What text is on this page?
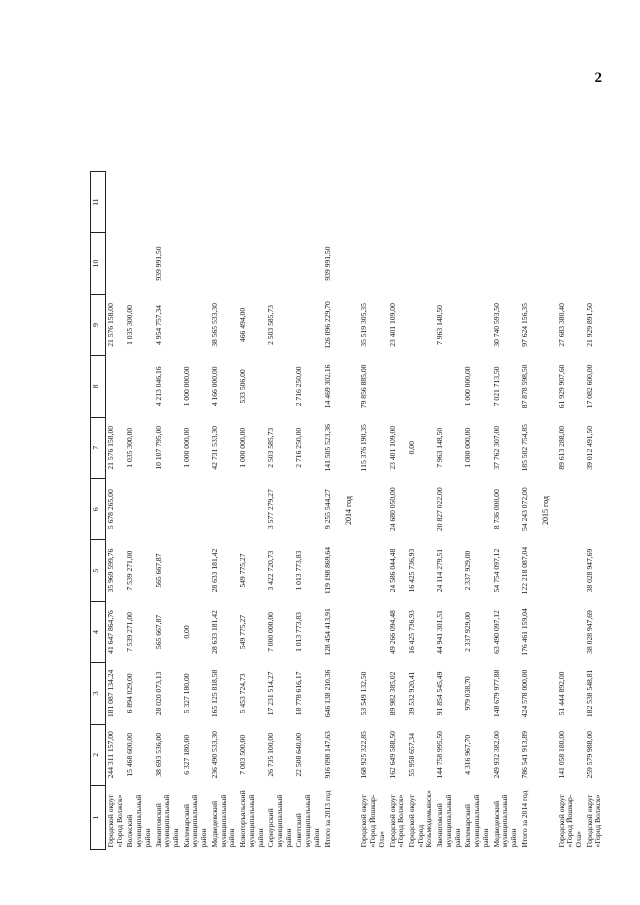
2
1	2	3	4	5	6	7	8	9	10	11	
Городской округ «Город Волжск»	244 311 157,00	181 087 134,24	41 647 864,76	35 969 599,76	5 678 265,00	21 576 158,00		21 576 158,00			
Волжский муниципальный район	15 468 600,00	6 894 029,00	7 539 271,00	7 539 271,00		1 035 300,00		1 035 300,00			
Звениговский муниципальный район	38 693 536,00	28 020 073,13	565 667,87	565 667,87		10 107 795,00	4 213 046,16	4 954 757,34	939 991,50		
Килемарский муниципальный район	6 327 180,00	5 327 180,00	0,00			1 000 000,00	1 000 000,00				
Медведевский муниципальный район	236 490 533,30	165 125 818,58	28 633 181,42	28 633 181,42		42 731 533,30	4 166 000,00	38 565 533,30			
Новоторъяльский муниципальный район	7 003 500,00	5 453 724,73	549 775,27	549 775,27		1 000 000,00	533 506,00	466 494,00			
Сернурский муниципальный район	26 735 100,00	17 231 514,27	7 000 000,00	3 422 720,73	3 577 279,27	2 503 585,73		2 503 585,73			
Советский муниципальный район	22 508 640,00	18 778 616,17	1 013 773,83	1 013 773,83		2 716 250,00	2 716 250,00				
Итого за 2013 год	916 098 147,63	646 138 210,36	128 454 413,91	119 198 869,64	9 255 544,27	141 505 523,36	14 469 302,16	126 096 229,70	939 991,50		
2014 год											
Городской округ «Город Йошкар-Ола»	168 925 322,85	53 549 132,50				115 376 190,35	79 856 885,00	35 519 305,35			
Городской округ «Город Волжск»	162 649 588,50	89 982 385,02	49 266 094,48	24 586 044,48	24 680 050,00	23 401 109,00		23 401 109,00			
Городской округ «Город Козьмодемьянск»	55 958 657,34	39 532 920,41	16 425 736,93	16 425 736,93		0,00					
Звениговский муниципальный район	144 758 995,50	91 854 545,49	44 941 301,51	24 114 279,51	20 827 022,00	7 963 148,50		7 963 148,50			
Килемарский муниципальный район	4 316 967,70	979 038,70	2 337 929,00	2 337 929,00		1 000 000,00	1 000 000,00				
Медведевский муниципальный район	249 932 382,00	148 679 977,88	63 490 097,12	54 754 097,12	8 736 000,00	37 762 307,00	7 021 713,50	30 740 593,50			
Итого за 2014 год	786 541 913,89	424 578 000,00	176 461 159,04	122 218 087,04	54 243 072,00	185 502 754,85	87 878 598,50	97 624 156,35			
2015 год											
Городской округ «Город Йошкар-Ола»	141 058 180,00	51 444 892,00				89 613 288,00	61 929 907,60	27 683 380,40			
Городской округ «Город Волжск»	259 579 988,00	182 538 548,81	38 028 947,69	38 028 947,69		39 012 491,50	17 082 600,00	21 929 891,50			
